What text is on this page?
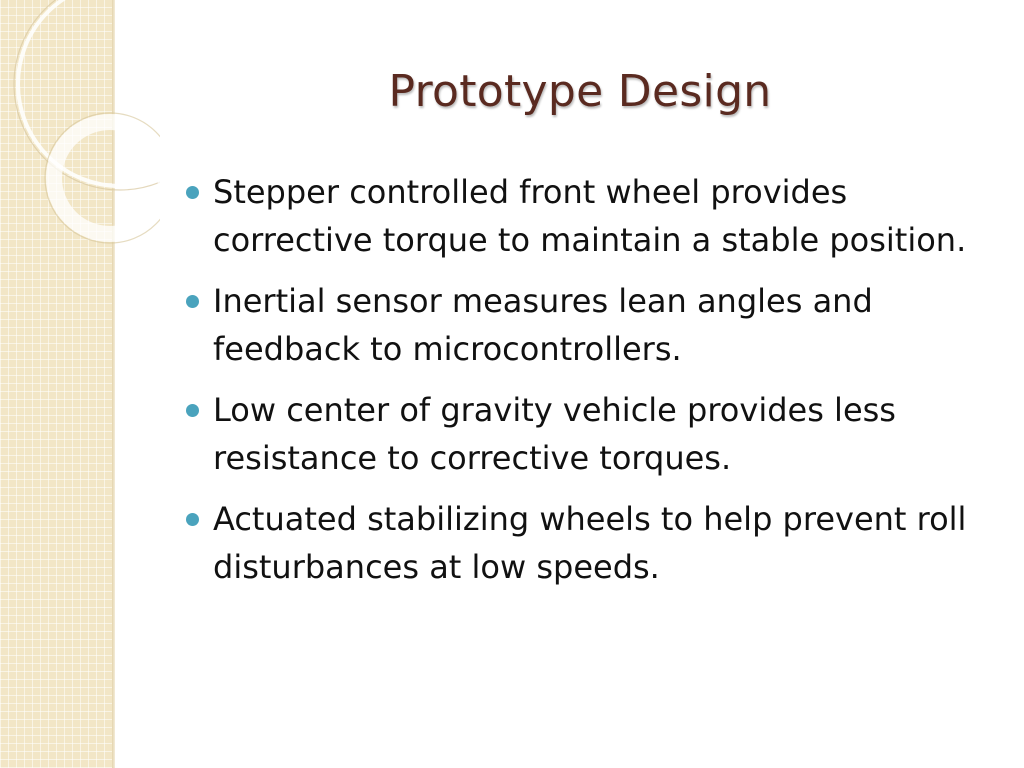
Prototype Design
Stepper controlled front wheel provides corrective torque to maintain a stable position.
Inertial sensor measures lean angles and feedback to microcontrollers.
Low center of gravity vehicle provides less resistance to corrective torques.
Actuated stabilizing wheels to help prevent roll disturbances at low speeds.
